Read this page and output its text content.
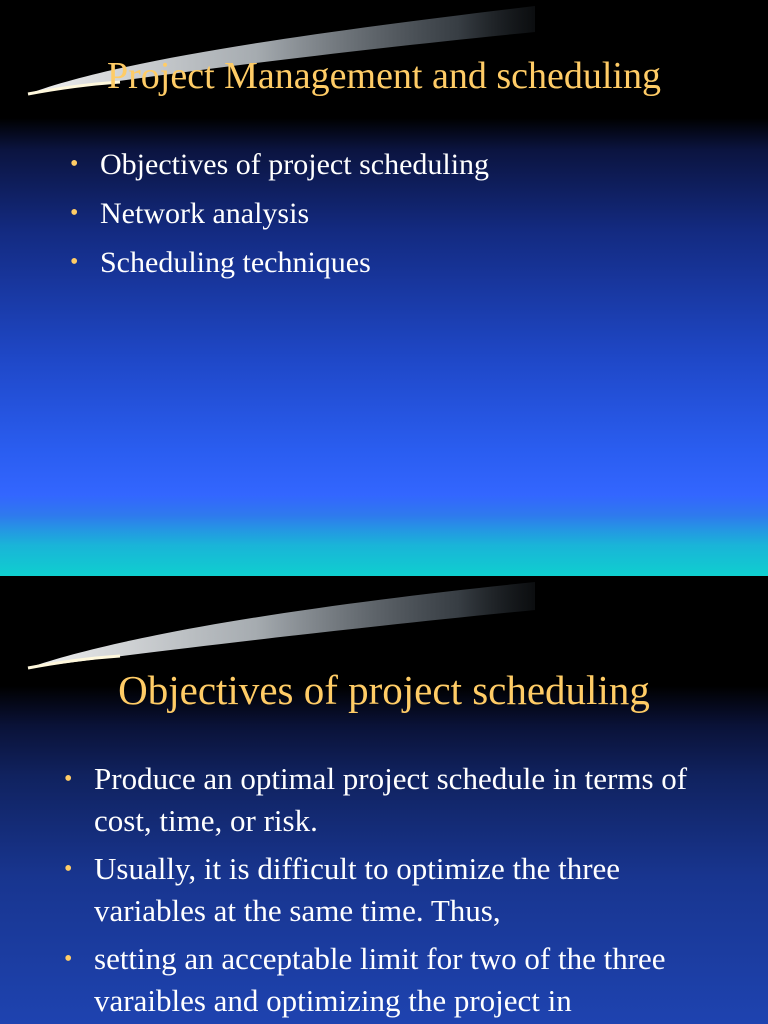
Project Management and scheduling
• Objectives of project scheduling
• Network analysis
• Scheduling techniques
Objectives of project scheduling
• Produce an optimal project schedule in terms of cost, time, or risk.
• Usually, it is difficult to optimize the three variables at the same time. Thus,
• setting an acceptable limit for two of the three varaibles and optimizing the project in
